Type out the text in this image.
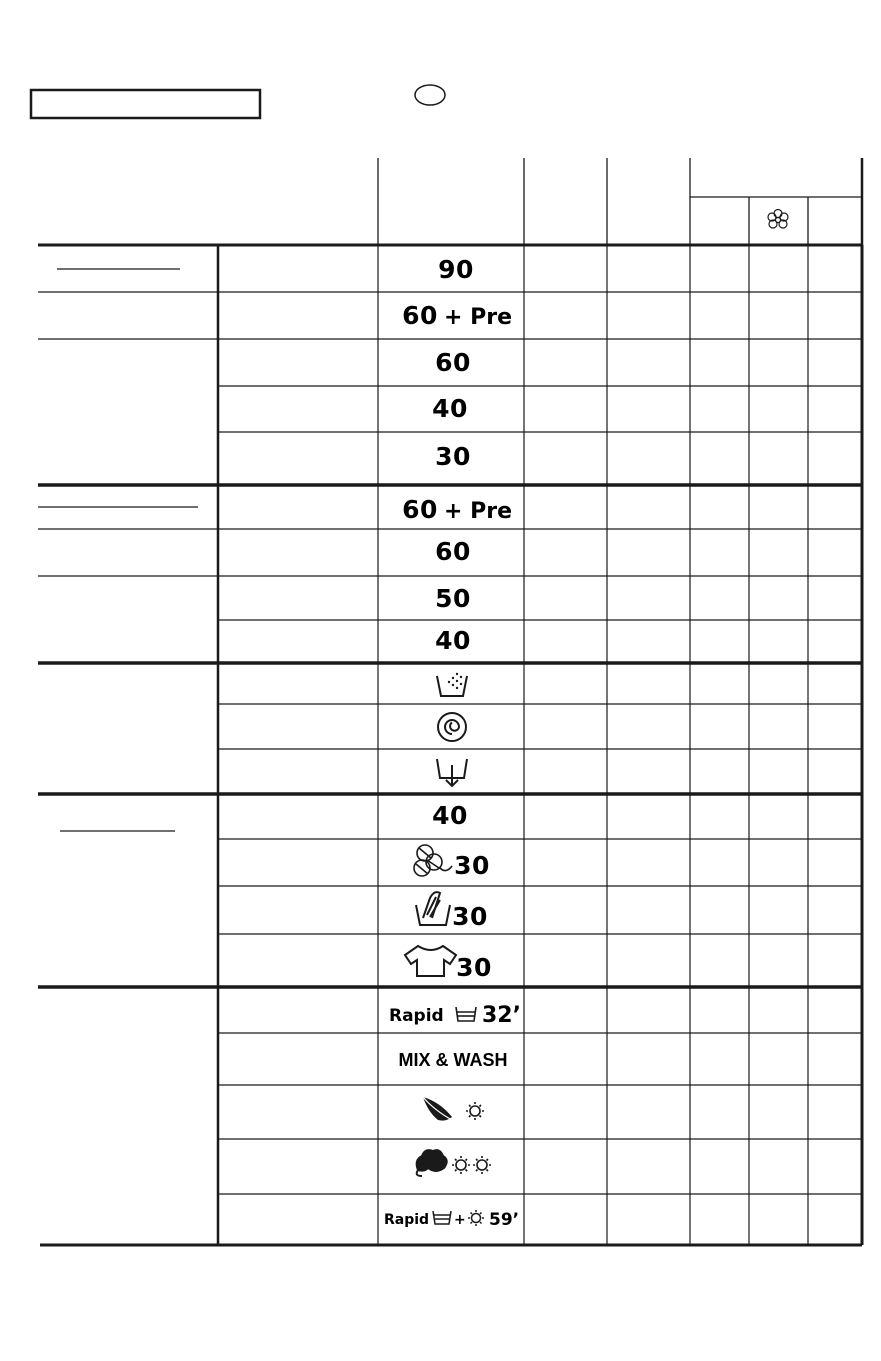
90
60 + Pre
60
40
30
60 + Pre
60
50
40
40
30
30
30
Rapid 32’
MIX & WASH
Rapid + 59’
